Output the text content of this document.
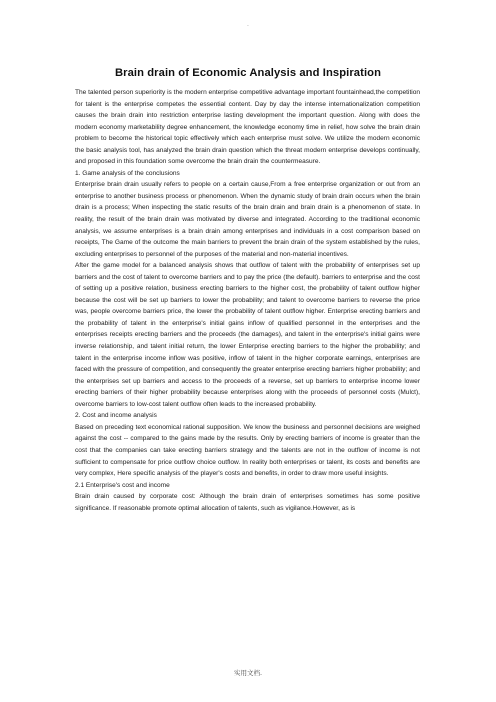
.
Brain drain of Economic Analysis and Inspiration

The talented person superiority is the modern enterprise competitive advantage important fountainhead,the competition for talent is the enterprise competes the essential content. Day by day the intense internationalization competition causes the brain drain into restriction enterprise lasting development the important question. Along with does the modern economy marketability degree enhancement, the knowledge economy time in relief, how solve the brain drain problem to become the historical topic effectively which each enterprise must solve. We utilize the modern economic the basic analysis tool, has analyzed the brain drain question which the threat modern enterprise develops continually, and proposed in this foundation some overcome the brain drain the countermeasure.

1. Game analysis of the conclusions

Enterprise brain drain usually refers to people on a certain cause,From a free enterprise organization or out from an enterprise to another business process or phenomenon. When the dynamic study of brain drain occurs when the brain drain is a process; When inspecting the static results of the brain drain and brain drain is a phenomenon of state. In reality, the result of the brain drain was motivated by diverse and integrated. According to the traditional economic analysis, we assume enterprises is a brain drain among enterprises and individuals in a cost comparison based on receipts, The Game of the outcome the main barriers to prevent the brain drain of the system established by the rules, excluding enterprises to personnel of the purposes of the material and non-material incentives.

After the game model for a balanced analysis shows that outflow of talent with the probability of enterprises set up barriers and the cost of talent to overcome barriers and to pay the price (the default). barriers to enterprise and the cost of setting up a positive relation, business erecting barriers to the higher cost, the probability of talent outflow higher because the cost will be set up barriers to lower the probability; and talent to overcome barriers to reverse the price was, people overcome barriers price, the lower the probability of talent outflow higher. Enterprise erecting barriers and the probability of talent in the enterprise's initial gains inflow of qualified personnel in the enterprises and the enterprises receipts erecting barriers and the proceeds (the damages), and talent in the enterprise's initial gains were inverse relationship, and talent initial return, the lower Enterprise erecting barriers to the higher the probability; and talent in the enterprise income inflow was positive, inflow of talent in the higher corporate earnings, enterprises are faced with the pressure of competition, and consequently the greater enterprise erecting barriers higher probability; and the enterprises set up barriers and access to the proceeds of a reverse, set up barriers to enterprise income lower erecting barriers of their higher probability because enterprises along with the proceeds of personnel costs (Mulct), overcome barriers to low-cost talent outflow often leads to the increased probability.

2. Cost and income analysis

Based on preceding text economical rational supposition. We know the business and personnel decisions are weighed against the cost -- compared to the gains made by the results. Only by erecting barriers of income is greater than the cost that the companies can take erecting barriers strategy and the talents are not in the outflow of income is not sufficient to compensate for price outflow choice outflow. In reality both enterprises or talent, its costs and benefits are very complex, Here specific analysis of the player's costs and benefits, in order to draw more useful insights.

2.1 Enterprise's cost and income

Brain drain caused by corporate cost: Although the brain drain of enterprises sometimes has some positive significance. If reasonable promote optimal allocation of talents, such as vigilance.However, as is

实用文档.
